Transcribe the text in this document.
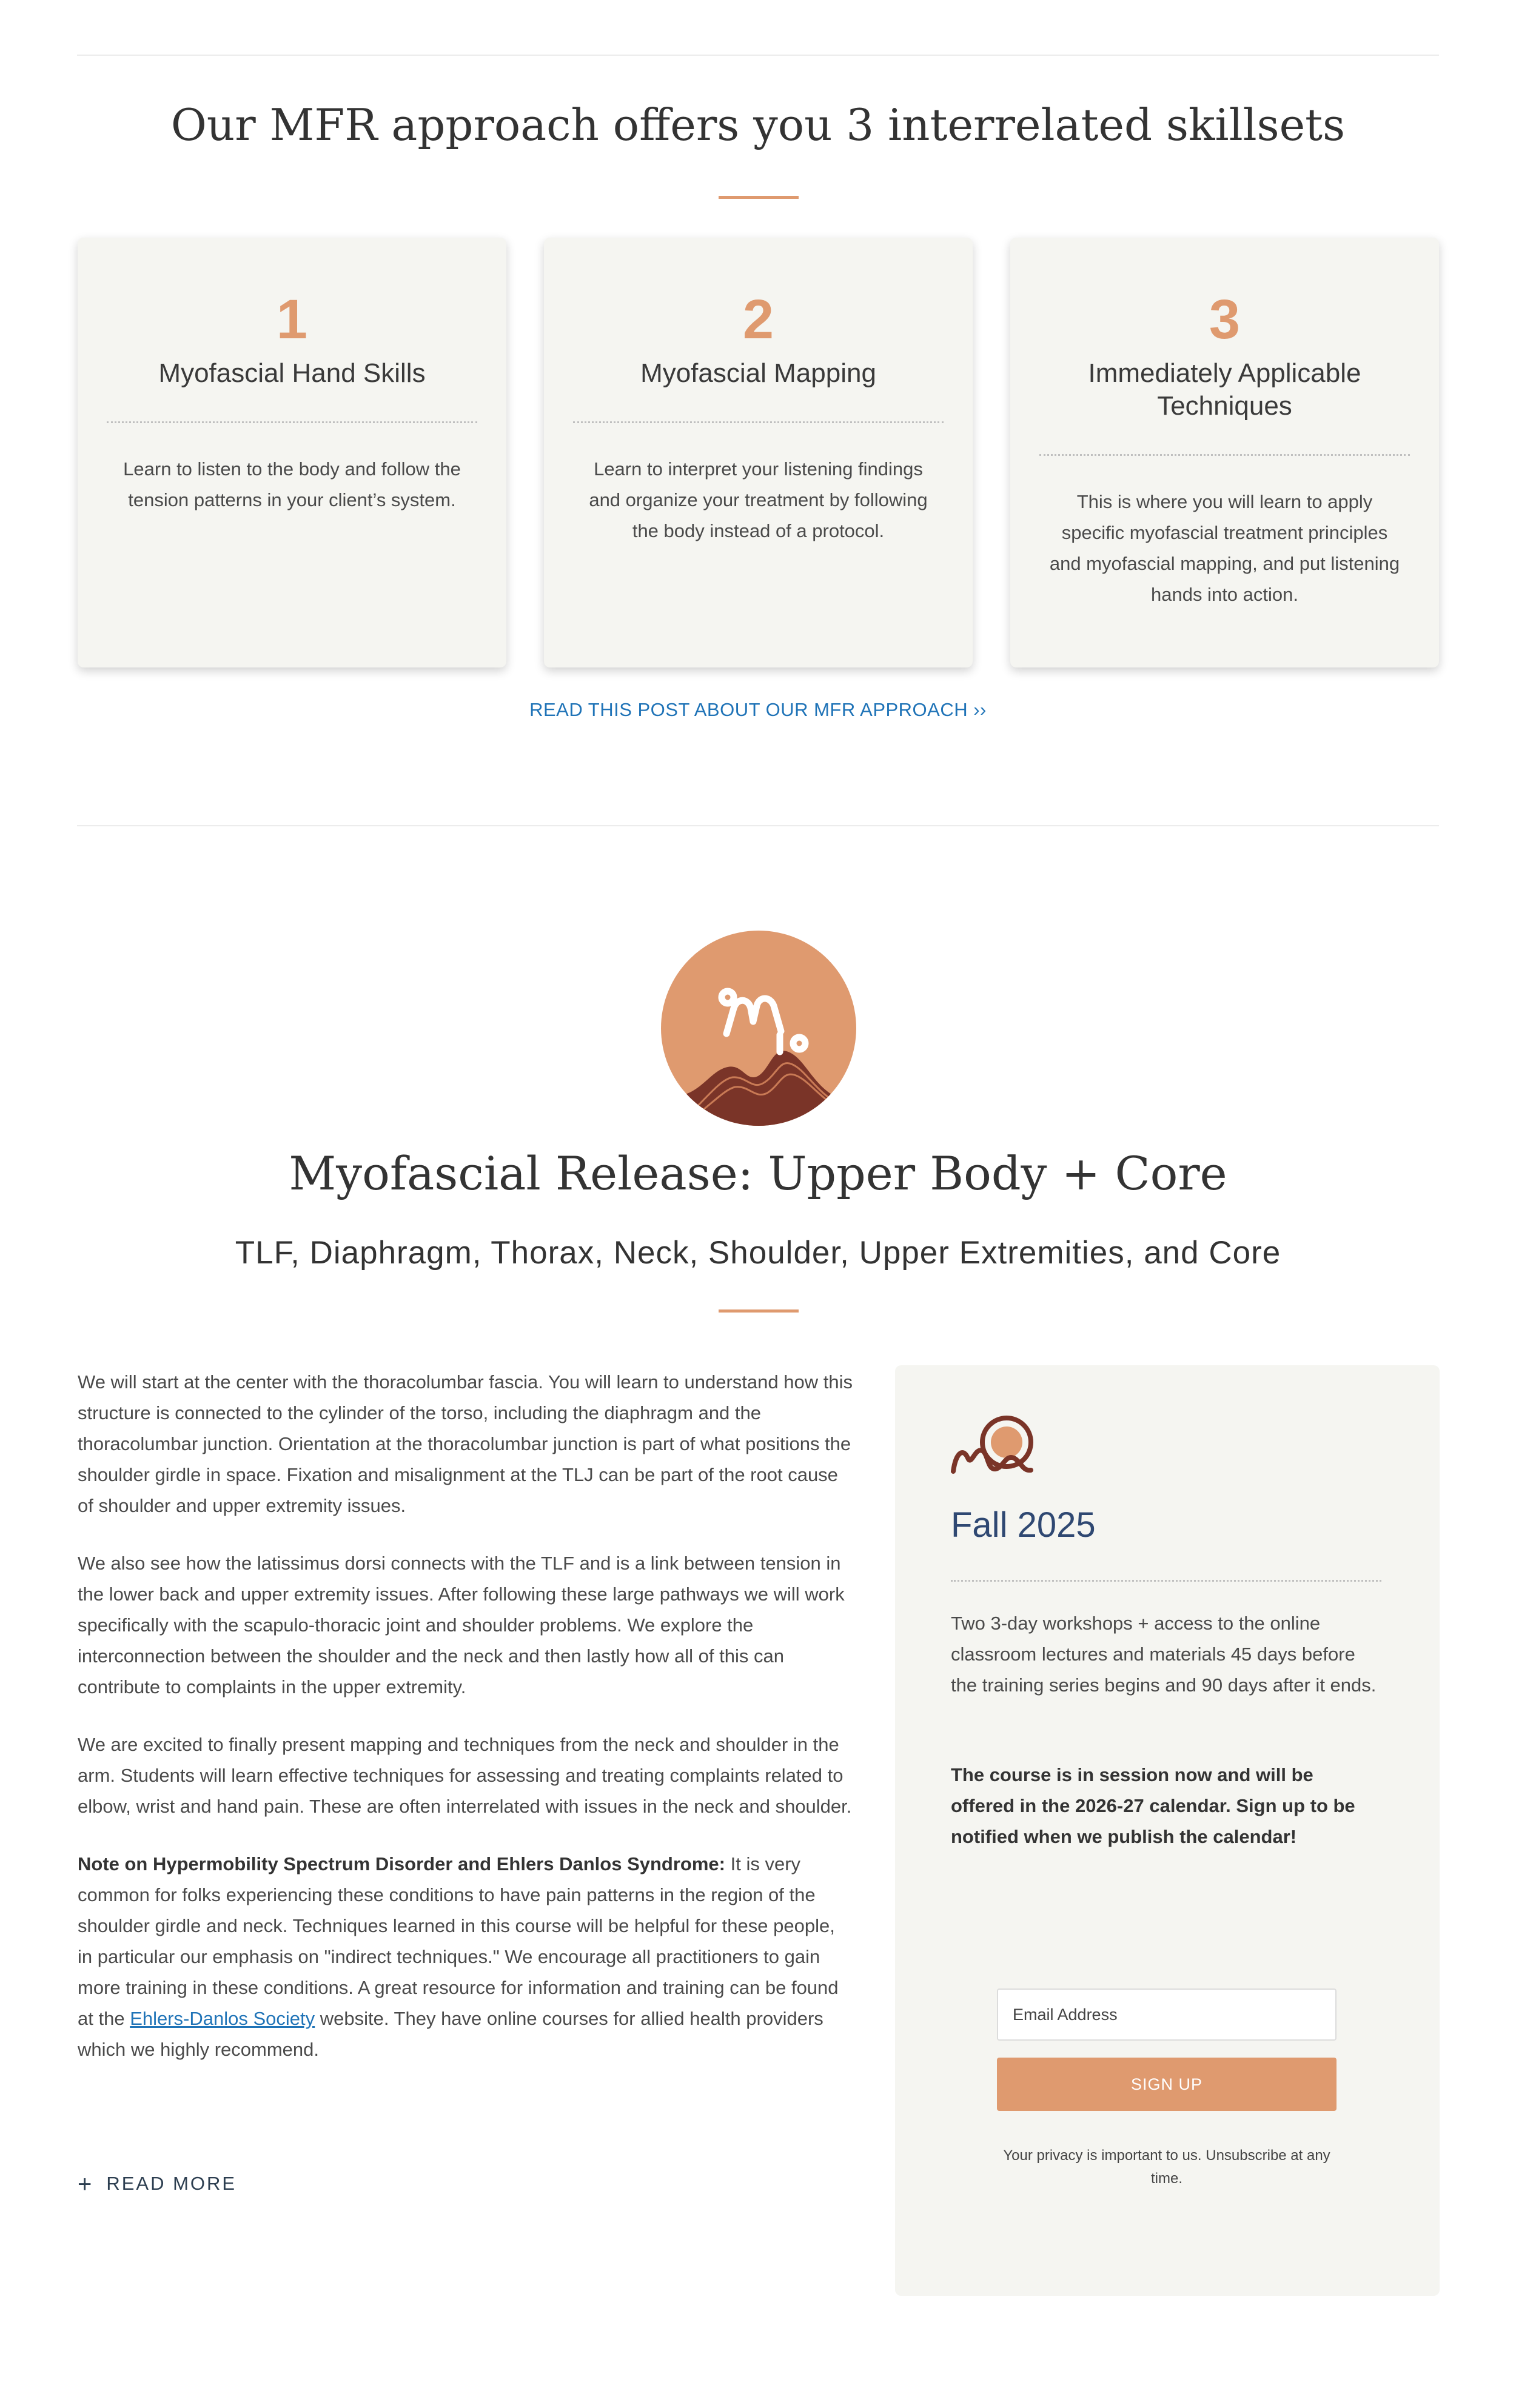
Our MFR approach offers you 3 interrelated skillsets
1
Myofascial Hand Skills
Learn to listen to the body and follow the tension patterns in your client’s system.
2
Myofascial Mapping
Learn to interpret your listening findings and organize your treatment by following the body instead of a protocol.
3
Immediately Applicable Techniques
This is where you will learn to apply specific myofascial treatment principles and myofascial mapping, and put listening hands into action.
READ THIS POST ABOUT OUR MFR APPROACH ››
Myofascial Release: Upper Body + Core
TLF, Diaphragm, Thorax, Neck, Shoulder, Upper Extremities, and Core

We will start at the center with the thoracolumbar fascia. You will learn to understand how this structure is connected to the cylinder of the torso, including the diaphragm and the thoracolumbar junction. Orientation at the thoracolumbar junction is part of what positions the shoulder girdle in space. Fixation and misalignment at the TLJ can be part of the root cause of shoulder and upper extremity issues.

We also see how the latissimus dorsi connects with the TLF and is a link between tension in the lower back and upper extremity issues. After following these large pathways we will work specifically with the scapulo-thoracic joint and shoulder problems. We explore the interconnection between the shoulder and the neck and then lastly how all of this can contribute to complaints in the upper extremity.

We are excited to finally present mapping and techniques from the neck and shoulder in the arm. Students will learn effective techniques for assessing and treating complaints related to elbow, wrist and hand pain. These are often interrelated with issues in the neck and shoulder.

Note on Hypermobility Spectrum Disorder and Ehlers Danlos Syndrome: It is very common for folks experiencing these conditions to have pain patterns in the region of the shoulder girdle and neck. Techniques learned in this course will be helpful for these people, in particular our emphasis on "indirect techniques." We encourage all practitioners to gain more training in these conditions. A great resource for information and training can be found at the Ehlers-Danlos Society website. They have online courses for allied health providers which we highly recommend.

+ READ MORE
Fall 2025

Two 3-day workshops + access to the online classroom lectures and materials 45 days before the training series begins and 90 days after it ends.

The course is in session now and will be offered in the 2026-27 calendar. Sign up to be notified when we publish the calendar!

Email Address
SIGN UP

Your privacy is important to us. Unsubscribe at any time.
